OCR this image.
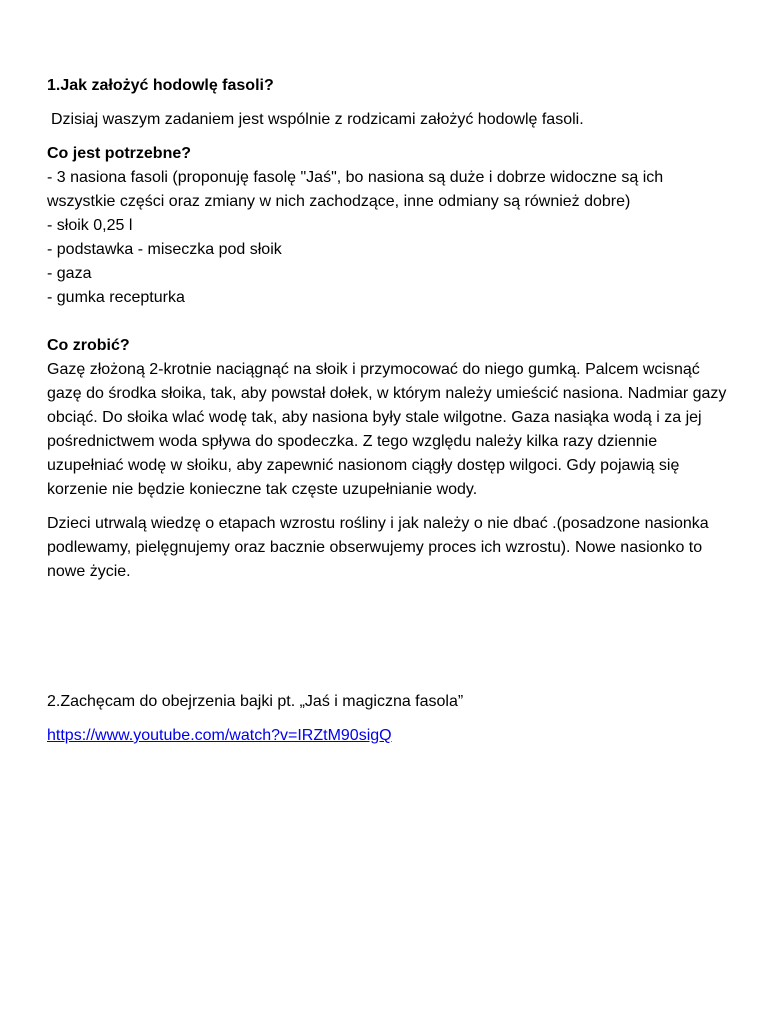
1.Jak założyć hodowlę fasoli?

Dzisiaj waszym zadaniem jest wspólnie z rodzicami założyć hodowlę fasoli.

Co jest potrzebne?

- 3 nasiona fasoli (proponuję fasolę "Jaś", bo nasiona są duże i dobrze widoczne są ich wszystkie części oraz zmiany w nich zachodzące, inne odmiany są również dobre)
- słoik 0,25 l
- podstawka - miseczka pod słoik
- gaza
- gumka recepturka

Co zrobić?

Gazę złożoną 2-krotnie naciągnąć na słoik i przymocować do niego gumką. Palcem wcisnąć gazę do środka słoika, tak, aby powstał dołek, w którym należy umieścić nasiona. Nadmiar gazy obciąć. Do słoika wlać wodę tak, aby nasiona były stale wilgotne. Gaza nasiąka wodą i za jej pośrednictwem woda spływa do spodeczka. Z tego względu należy kilka razy dziennie uzupełniać wodę w słoiku, aby zapewnić nasionom ciągły dostęp wilgoci. Gdy pojawią się korzenie nie będzie konieczne tak częste uzupełnianie wody.

Dzieci utrwalą wiedzę o etapach wzrostu rośliny i jak należy o nie dbać .(posadzone nasionka podlewamy, pielęgnujemy oraz bacznie obserwujemy proces ich wzrostu). Nowe nasionko to nowe życie.

2.Zachęcam do obejrzenia bajki pt. „Jaś i magiczna fasola”

https://www.youtube.com/watch?v=IRZtM90sigQ
